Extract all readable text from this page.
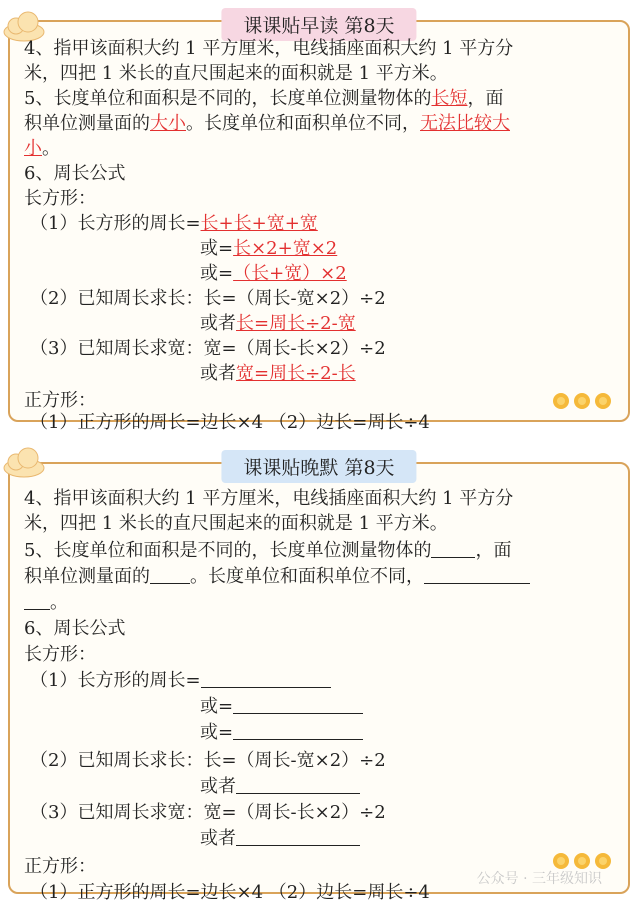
课课贴早读 第8天
4、指甲该面积大约 1 平方厘米，电线插座面积大约 1 平方分
米，四把 1 米长的直尺围起来的面积就是 1 平方米。
5、长度单位和面积是不同的，长度单位测量物体的长短，面
积单位测量面的大小。长度单位和面积单位不同，无法比较大
小。
6、周长公式
长方形：
（1）长方形的周长=长+长+宽+宽
或=长×2+宽×2
或=（长+宽）×2
（2）已知周长求长：长=（周长-宽×2）÷2
或者长=周长÷2-宽
（3）已知周长求宽：宽=（周长-长×2）÷2
或者宽=周长÷2-长
正方形：
（1）正方形的周长=边长×4 （2）边长=周长÷4
课课贴晚默 第8天
4、指甲该面积大约 1 平方厘米，电线插座面积大约 1 平方分
米，四把 1 米长的直尺围起来的面积就是 1 平方米。
5、长度单位和面积是不同的，长度单位测量物体的 ，面
积单位测量面的 。长度单位和面积单位不同，
。
6、周长公式
长方形：
（1）长方形的周长=
或=
或=
（2）已知周长求长：长=（周长-宽×2）÷2
或者
（3）已知周长求宽：宽=（周长-长×2）÷2
或者
正方形：
（1）正方形的周长=边长×4 （2）边长=周长÷4
公众号 · 三年级知识
